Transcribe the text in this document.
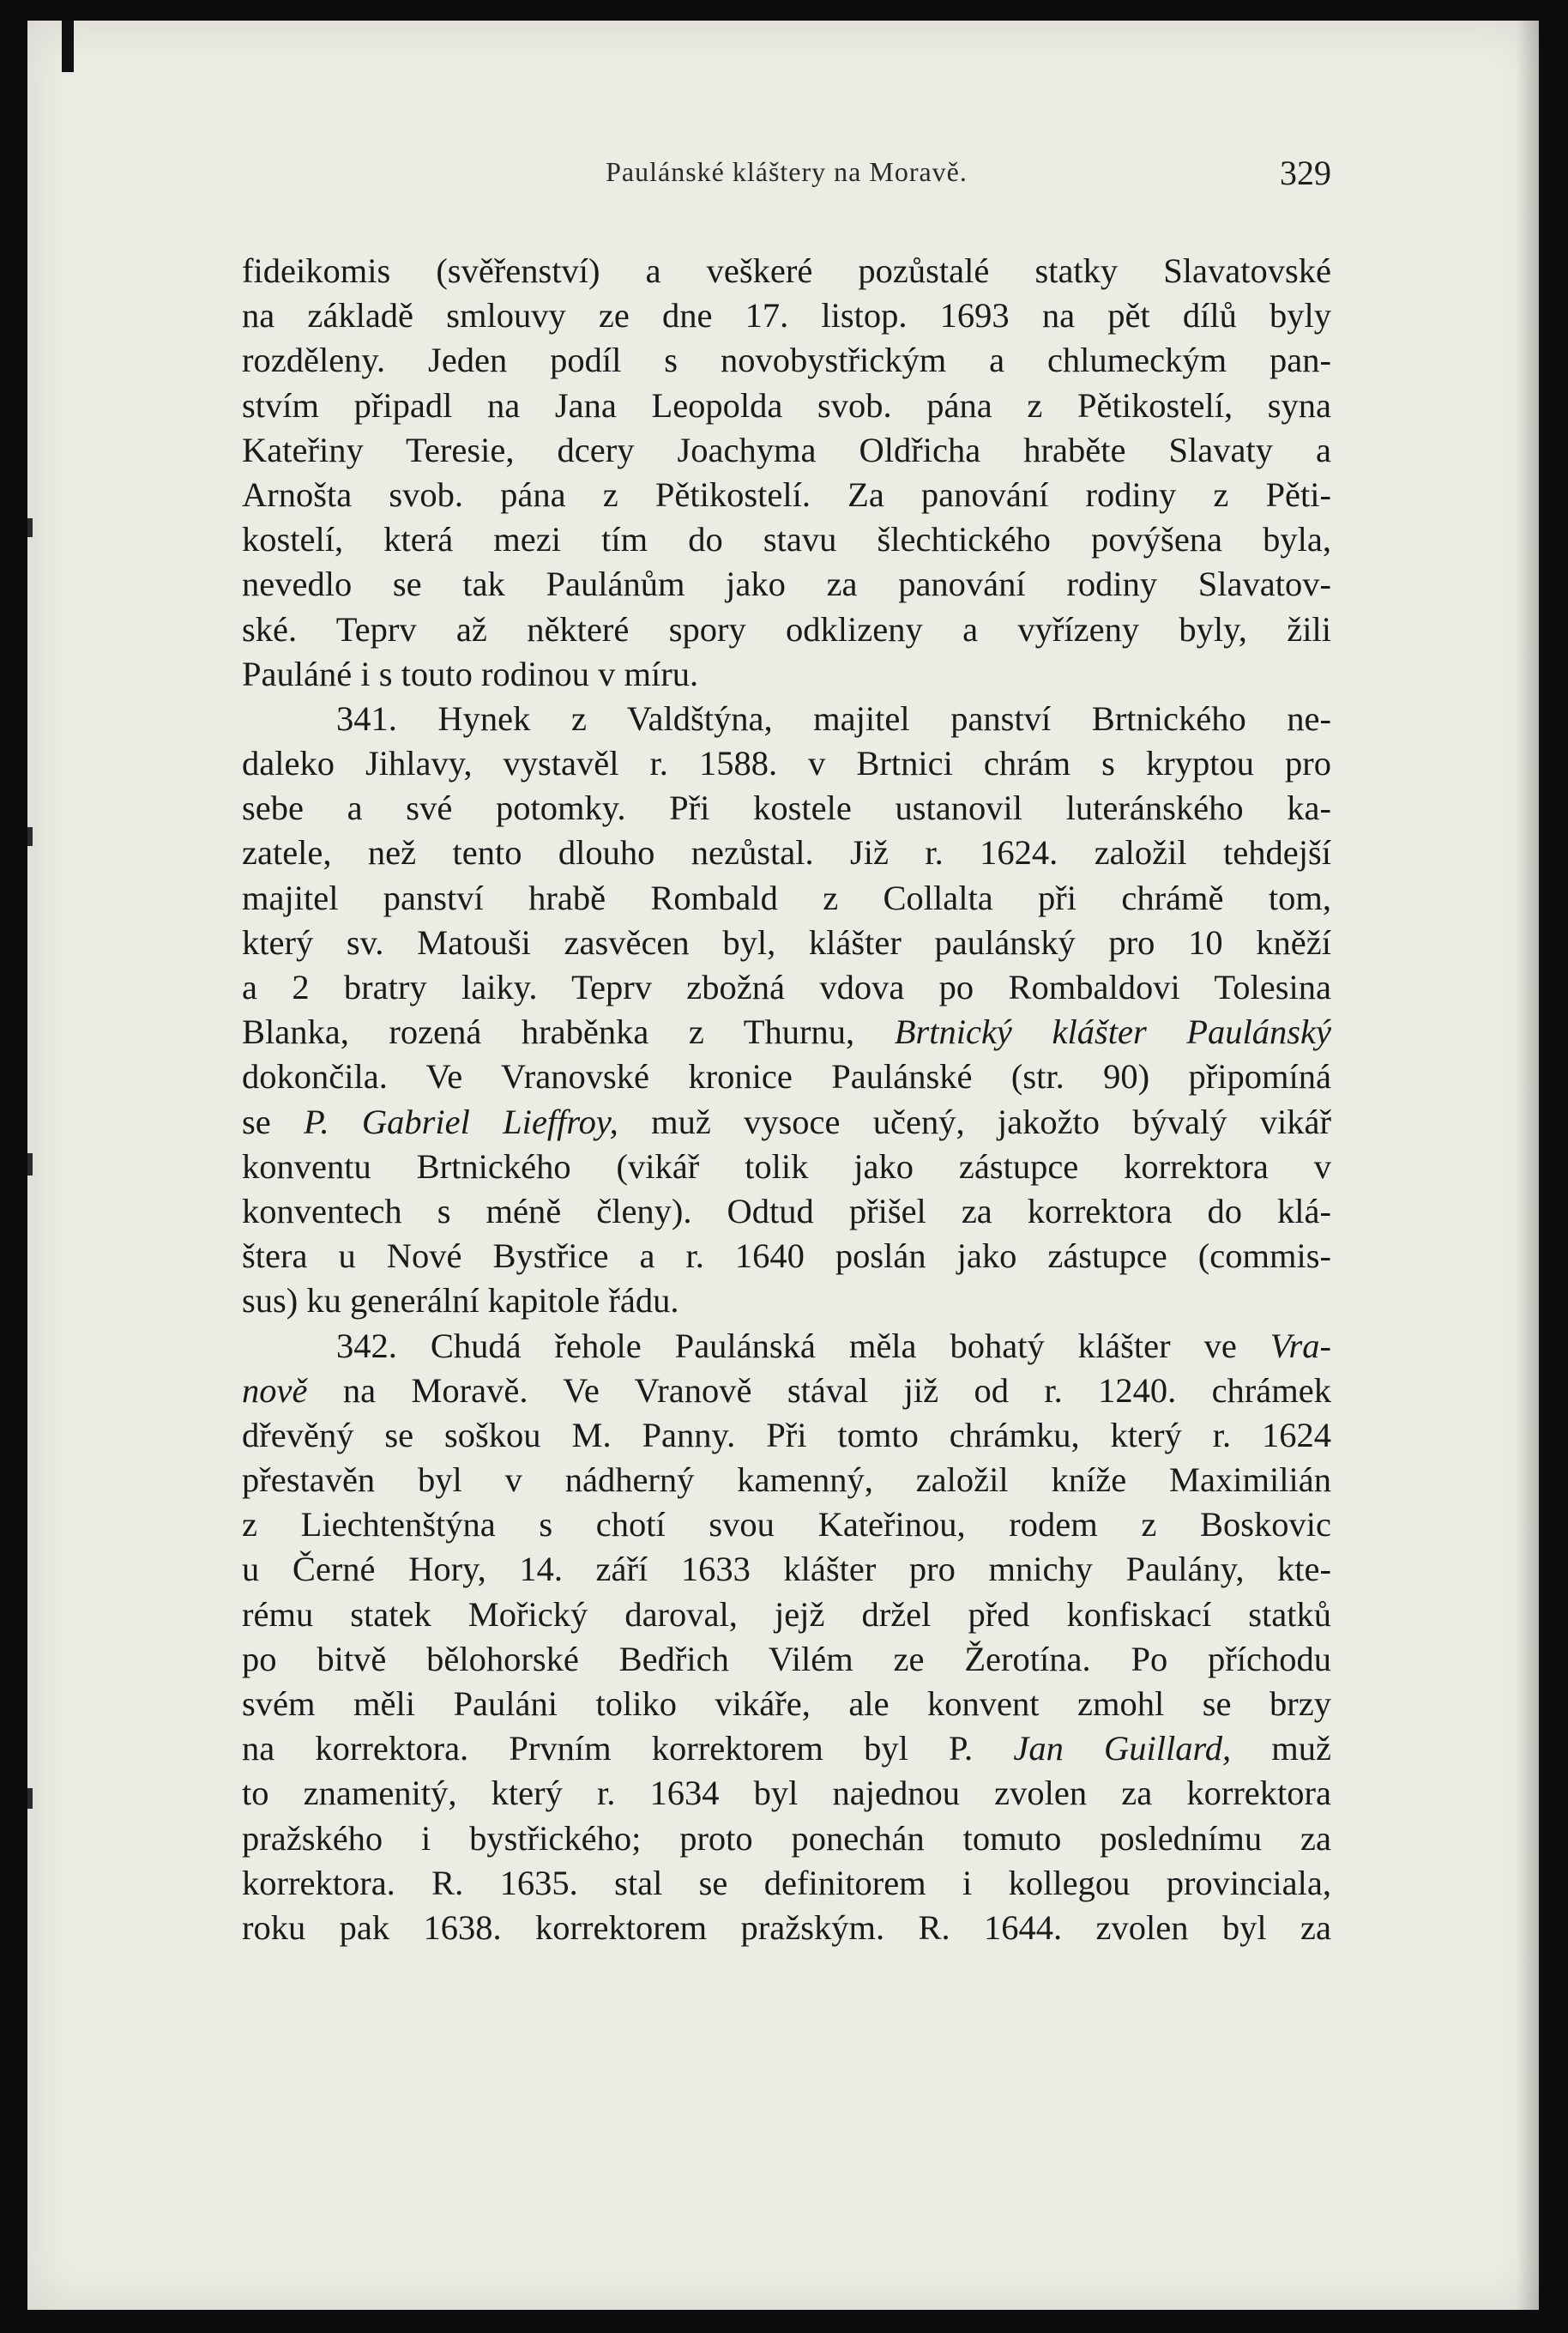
Paulánské kláštery na Moravě.	329
fideikomis (svěřenství) a veškeré pozůstalé statky Slavatovské
na základě smlouvy ze dne 17. listop. 1693 na pět dílů byly
rozděleny. Jeden podíl s novobystřickým a chlumeckým pan-
stvím připadl na Jana Leopolda svob. pána z Pětikostelí, syna
Kateřiny Teresie, dcery Joachyma Oldřicha hraběte Slavaty a
Arnošta svob. pána z Pětikostelí. Za panování rodiny z Pěti-
kostelí, která mezi tím do stavu šlechtického povýšena byla,
nevedlo se tak Paulánům jako za panování rodiny Slavatov-
ské. Teprv až některé spory odklizeny a vyřízeny byly, žili
Pauláné i s touto rodinou v míru.
341. Hynek z Valdštýna, majitel panství Brtnického ne-
daleko Jihlavy, vystavěl r. 1588. v Brtnici chrám s kryptou pro
sebe a své potomky. Při kostele ustanovil luteránského ka-
zatele, než tento dlouho nezůstal. Již r. 1624. založil tehdejší
majitel panství hrabě Rombald z Collalta při chrámě tom,
který sv. Matouši zasvěcen byl, klášter paulánský pro 10 kněží
a 2 bratry laiky. Teprv zbožná vdova po Rombaldovi Tolesina
Blanka, rozená hraběnka z Thurnu, Brtnický klášter Paulánský
dokončila. Ve Vranovské kronice Paulánské (str. 90) připomíná
se P. Gabriel Lieffroy, muž vysoce učený, jakožto bývalý vikář
konventu Brtnického (vikář tolik jako zástupce korrektora v
konventech s méně členy). Odtud přišel za korrektora do klá-
štera u Nové Bystřice a r. 1640 poslán jako zástupce (commis-
sus) ku generální kapitole řádu.
342. Chudá řehole Paulánská měla bohatý klášter ve Vra-
nově na Moravě. Ve Vranově stával již od r. 1240. chrámek
dřevěný se soškou M. Panny. Při tomto chrámku, který r. 1624
přestavěn byl v nádherný kamenný, založil kníže Maximilián
z Liechtenštýna s chotí svou Kateřinou, rodem z Boskovic
u Černé Hory, 14. září 1633 klášter pro mnichy Paulány, kte-
rému statek Mořický daroval, jejž držel před konfiskací statků
po bitvě bělohorské Bedřich Vilém ze Žerotína. Po příchodu
svém měli Pauláni toliko vikáře, ale konvent zmohl se brzy
na korrektora. Prvním korrektorem byl P. Jan Guillard, muž
to znamenitý, který r. 1634 byl najednou zvolen za korrektora
pražského i bystřického; proto ponechán tomuto poslednímu za
korrektora. R. 1635. stal se definitorem i kollegou provinciala,
roku pak 1638. korrektorem pražským. R. 1644. zvolen byl za
